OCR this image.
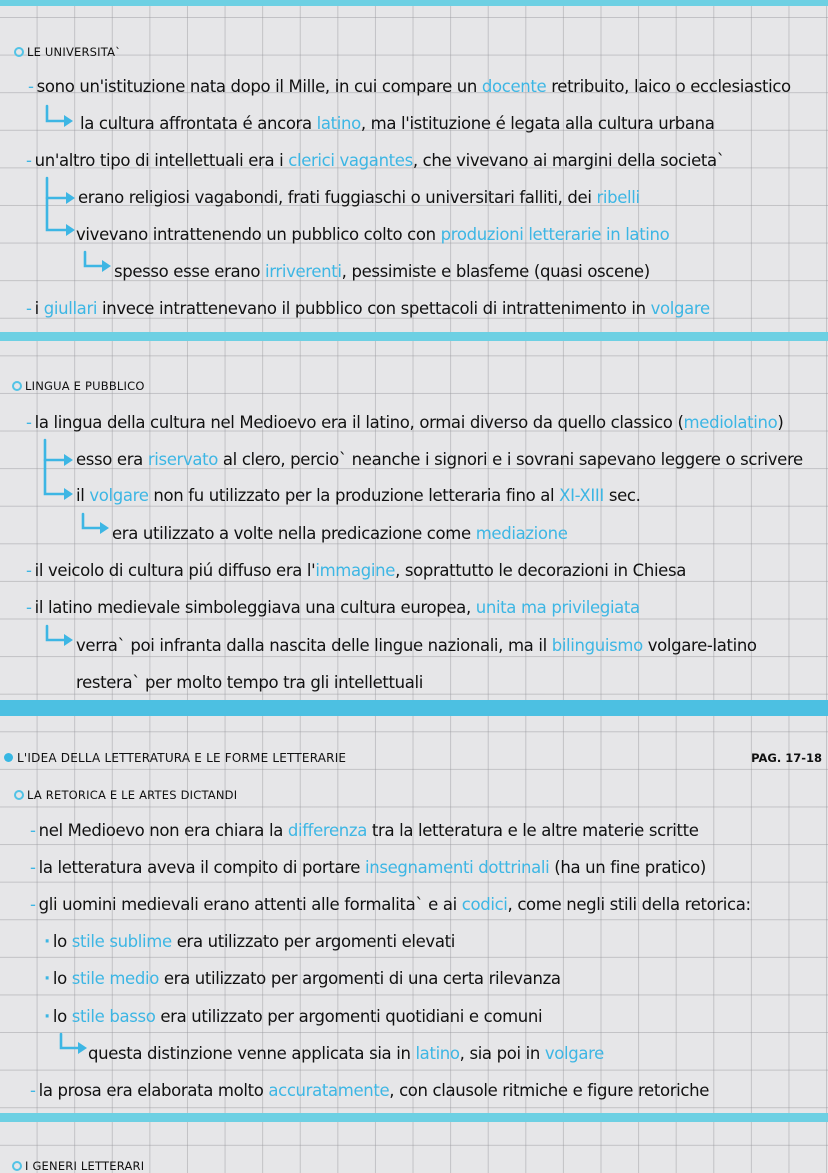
LE UNIVERSITA`
- sono un'istituzione nata dopo il Mille, in cui compare un docente retribuito, laico o ecclesiastico
la cultura affrontata é ancora latino, ma l'istituzione é legata alla cultura urbana
- un'altro tipo di intellettuali era i clerici vagantes, che vivevano ai margini della societa`
erano religiosi vagabondi, frati fuggiaschi o universitari falliti, dei ribelli
vivevano intrattenendo un pubblico colto con produzioni letterarie in latino
spesso esse erano irriverenti, pessimiste e blasfeme (quasi oscene)
- i giullari invece intrattenevano il pubblico con spettacoli di intrattenimento in volgare
LINGUA E PUBBLICO
- la lingua della cultura nel Medioevo era il latino, ormai diverso da quello classico (mediolatino)
esso era riservato al clero, percio` neanche i signori e i sovrani sapevano leggere o scrivere
il volgare non fu utilizzato per la produzione letteraria fino al XI-XIII sec.
era utilizzato a volte nella predicazione come mediazione
- il veicolo di cultura piú diffuso era l'immagine, soprattutto le decorazioni in Chiesa
- il latino medievale simboleggiava una cultura europea, unita ma privilegiata
verra` poi infranta dalla nascita delle lingue nazionali, ma il bilinguismo volgare-latino
restera` per molto tempo tra gli intellettuali
L'IDEA DELLA LETTERATURA E LE FORME LETTERARIE	PAG. 17-18
LA RETORICA E LE ARTES DICTANDI
- nel Medioevo non era chiara la differenza tra la letteratura e le altre materie scritte
- la letteratura aveva il compito di portare insegnamenti dottrinali (ha un fine pratico)
- gli uomini medievali erano attenti alle formalita` e ai codici, come negli stili della retorica:
· lo stile sublime era utilizzato per argomenti elevati
· lo stile medio era utilizzato per argomenti di una certa rilevanza
· lo stile basso era utilizzato per argomenti quotidiani e comuni
questa distinzione venne applicata sia in latino, sia poi in volgare
- la prosa era elaborata molto accuratamente, con clausole ritmiche e figure retoriche
I GENERI LETTERARI
